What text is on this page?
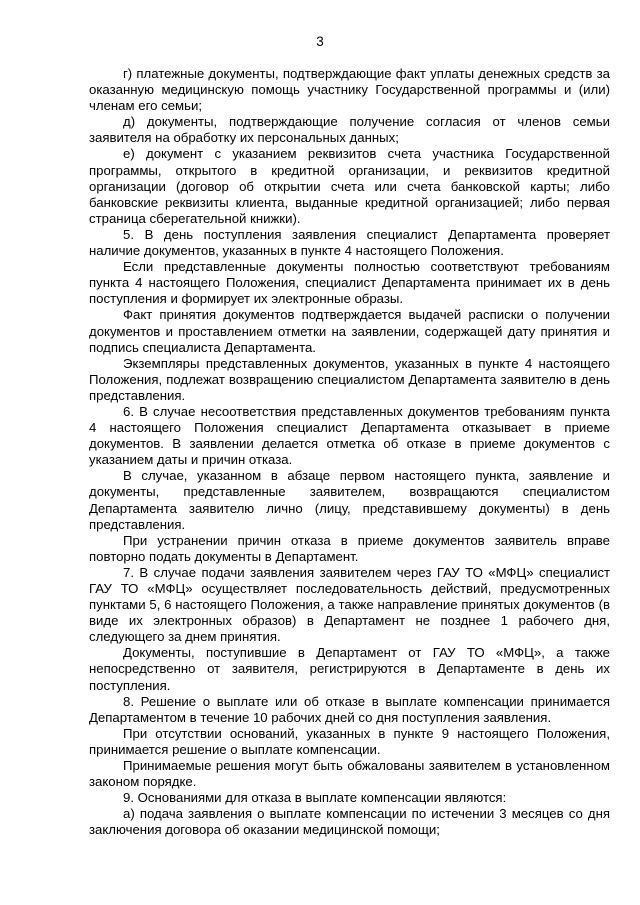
3

г) платежные документы, подтверждающие факт уплаты денежных средств за оказанную медицинскую помощь участнику Государственной программы и (или) членам его семьи;

д) документы, подтверждающие получение согласия от членов семьи заявителя на обработку их персональных данных;

е) документ с указанием реквизитов счета участника Государственной программы, открытого в кредитной организации, и реквизитов кредитной организации (договор об открытии счета или счета банковской карты; либо банковские реквизиты клиента, выданные кредитной организацией; либо первая страница сберегательной книжки).

5. В день поступления заявления специалист Департамента проверяет наличие документов, указанных в пункте 4 настоящего Положения.

Если представленные документы полностью соответствуют требованиям пункта 4 настоящего Положения, специалист Департамента принимает их в день поступления и формирует их электронные образы.

Факт принятия документов подтверждается выдачей расписки о получении документов и проставлением отметки на заявлении, содержащей дату принятия и подпись специалиста Департамента.

Экземпляры представленных документов, указанных в пункте 4 настоящего Положения, подлежат возвращению специалистом Департамента заявителю в день представления.

6. В случае несоответствия представленных документов требованиям пункта 4 настоящего Положения специалист Департамента отказывает в приеме документов. В заявлении делается отметка об отказе в приеме документов с указанием даты и причин отказа.

В случае, указанном в абзаце первом настоящего пункта, заявление и документы, представленные заявителем, возвращаются специалистом Департамента заявителю лично (лицу, представившему документы) в день представления.

При устранении причин отказа в приеме документов заявитель вправе повторно подать документы в Департамент.

7. В случае подачи заявления заявителем через ГАУ ТО «МФЦ» специалист ГАУ ТО «МФЦ» осуществляет последовательность действий, предусмотренных пунктами 5, 6 настоящего Положения, а также направление принятых документов (в виде их электронных образов) в Департамент не позднее 1 рабочего дня, следующего за днем принятия.

Документы, поступившие в Департамент от ГАУ ТО «МФЦ», а также непосредственно от заявителя, регистрируются в Департаменте в день их поступления.

8. Решение о выплате или об отказе в выплате компенсации принимается Департаментом в течение 10 рабочих дней со дня поступления заявления.

При отсутствии оснований, указанных в пункте 9 настоящего Положения, принимается решение о выплате компенсации.

Принимаемые решения могут быть обжалованы заявителем в установленном законом порядке.

9. Основаниями для отказа в выплате компенсации являются:

а) подача заявления о выплате компенсации по истечении 3 месяцев со дня заключения договора об оказании медицинской помощи;
